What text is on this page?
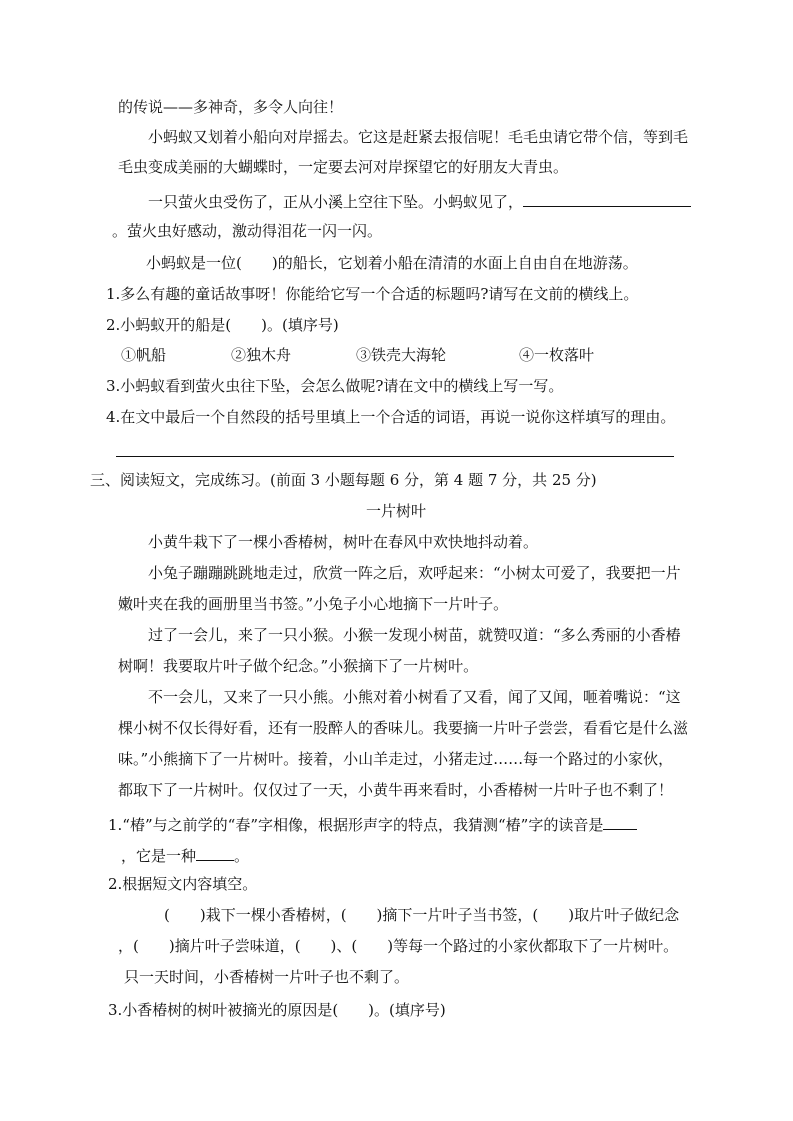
的传说——多神奇，多令人向往！
小蚂蚁又划着小船向对岸摇去。它这是赶紧去报信呢！毛毛虫请它带个信，等到毛
毛虫变成美丽的大蝴蝶时，一定要去河对岸探望它的好朋友大青虫。
一只萤火虫受伤了，正从小溪上空往下坠。小蚂蚁见了，
。萤火虫好感动，激动得泪花一闪一闪。
小蚂蚁是一位(　　)的船长，它划着小船在清清的水面上自由自在地游荡。
1.多么有趣的童话故事呀！你能给它写一个合适的标题吗?请写在文前的横线上。
2.小蚂蚁开的船是(　　)。(填序号)
①帆船	②独木舟	③铁壳大海轮	④一枚落叶
3.小蚂蚁看到萤火虫往下坠，会怎么做呢?请在文中的横线上写一写。
4.在文中最后一个自然段的括号里填上一个合适的词语，再说一说你这样填写的理由。
三、阅读短文，完成练习。(前面 3 小题每题 6 分，第 4 题 7 分，共 25 分)
一片树叶
小黄牛栽下了一棵小香椿树，树叶在春风中欢快地抖动着。
小兔子蹦蹦跳跳地走过，欣赏一阵之后，欢呼起来：“小树太可爱了，我要把一片
嫩叶夹在我的画册里当书签。”小兔子小心地摘下一片叶子。
过了一会儿，来了一只小猴。小猴一发现小树苗，就赞叹道：“多么秀丽的小香椿
树啊！我要取片叶子做个纪念。”小猴摘下了一片树叶。
不一会儿，又来了一只小熊。小熊对着小树看了又看，闻了又闻，咂着嘴说：“这
棵小树不仅长得好看，还有一股醉人的香味儿。我要摘一片叶子尝尝，看看它是什么滋
味。”小熊摘下了一片树叶。接着，小山羊走过，小猪走过……每一个路过的小家伙，
都取下了一片树叶。仅仅过了一天，小黄牛再来看时，小香椿树一片叶子也不剩了！
1.“椿”与之前学的“春”字相像，根据形声字的特点，我猜测“椿”字的读音是
，它是一种	。
2.根据短文内容填空。
(　　)栽下一棵小香椿树，(　　)摘下一片叶子当书签，(　　)取片叶子做纪念
，(　　)摘片叶子尝味道，(　　)、(　　)等每一个路过的小家伙都取下了一片树叶。
只一天时间，小香椿树一片叶子也不剩了。
3.小香椿树的树叶被摘光的原因是(　　)。(填序号)
